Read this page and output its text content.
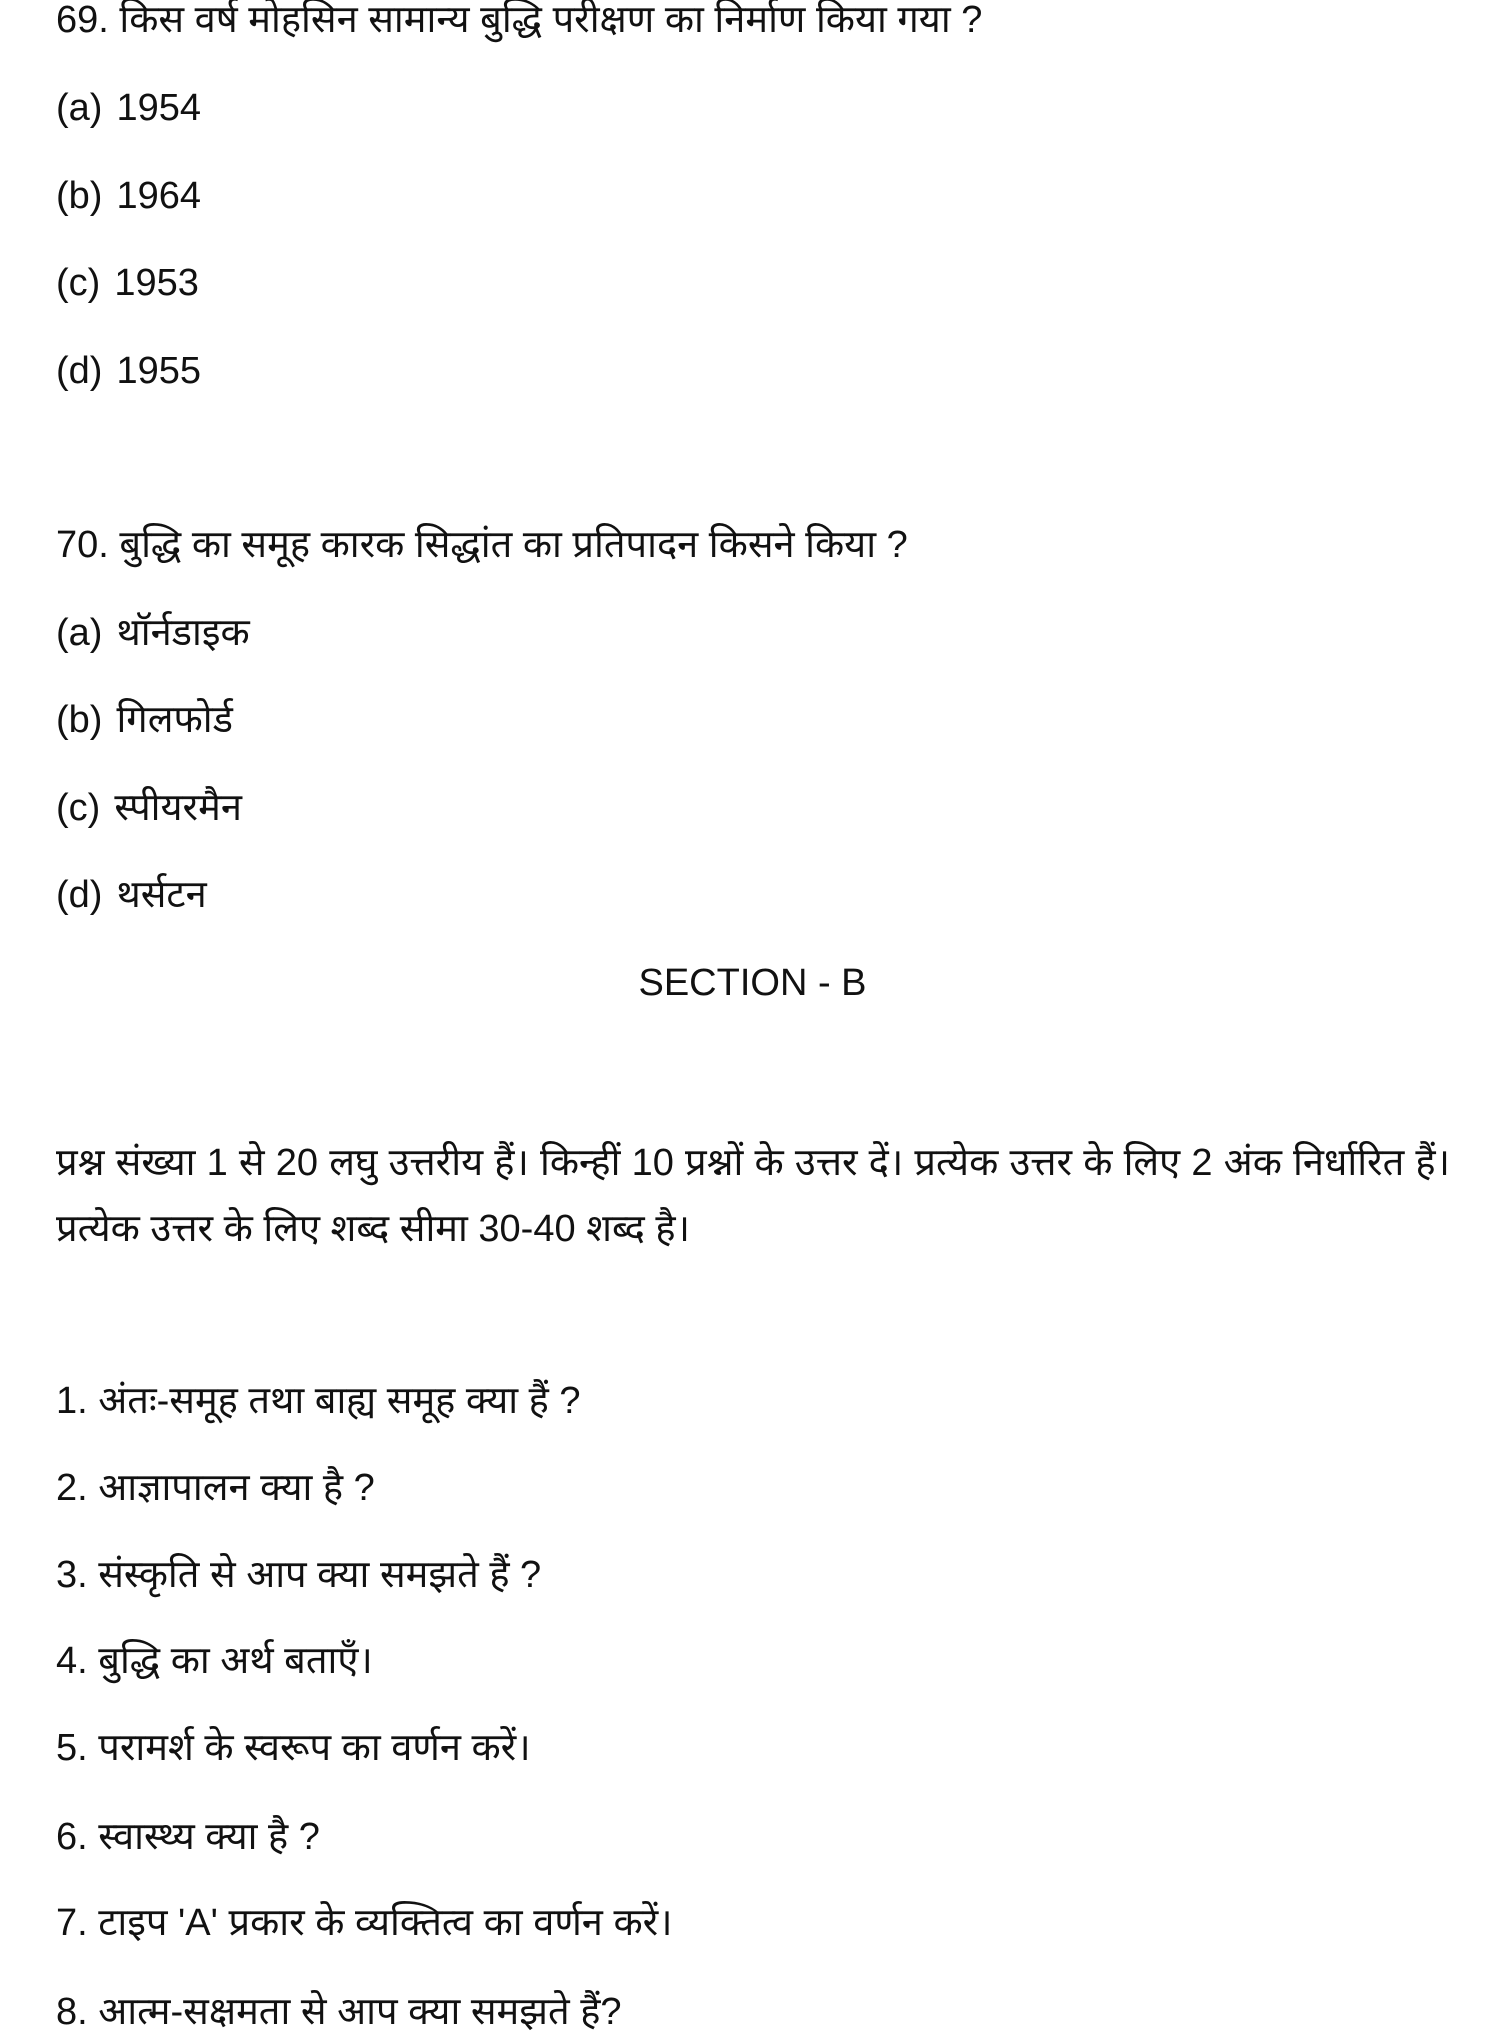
69. किस वर्ष मोहसिन सामान्य बुद्धि परीक्षण का निर्माण किया गया ?
(a) 1954
(b) 1964
(c) 1953
(d) 1955
70. बुद्धि का समूह कारक सिद्धांत का प्रतिपादन किसने किया ?
(a) थॉर्नडाइक
(b) गिलफोर्ड
(c) स्पीयरमैन
(d) थर्सटन
SECTION - B
प्रश्न संख्या 1 से 20 लघु उत्तरीय हैं। किन्हीं 10 प्रश्नों के उत्तर दें। प्रत्येक उत्तर के लिए 2 अंक निर्धारित हैं। प्रत्येक उत्तर के लिए शब्द सीमा 30-40 शब्द है।
1. अंतः-समूह तथा बाह्य समूह क्या हैं ?
2. आज्ञापालन क्या है ?
3. संस्कृति से आप क्या समझते हैं ?
4. बुद्धि का अर्थ बताएँ।
5. परामर्श के स्वरूप का वर्णन करें।
6. स्वास्थ्य क्या है ?
7. टाइप 'A' प्रकार के व्यक्तित्व का वर्णन करें।
8. आत्म-सक्षमता से आप क्या समझते हैं?
